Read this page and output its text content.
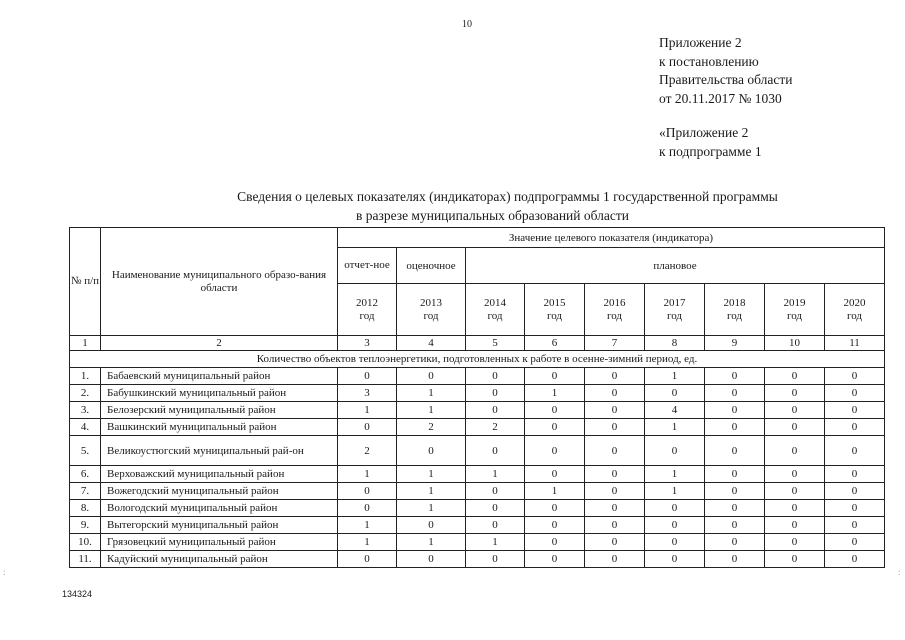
10
Приложение 2
к постановлению
Правительства области
от 20.11.2017 № 1030
«Приложение 2
к подпрограмме 1
Сведения о целевых показателях (индикаторах) подпрограммы 1 государственной программы
в разрезе муниципальных образований области
№ п/п	Наименование муниципального образо-вания области	Значение целевого показателя (индикатора)								
		отчет-ное	оценочное	плановое						
		2012 год	2013 год	2014 год	2015 год	2016 год	2017 год	2018 год	2019 год	2020 год
1	2	3	4	5	6	7	8	9	10	11
Количество объектов теплоэнергетики, подготовленных к работе в осенне-зимний период, ед.										
1.	Бабаевский муниципальный район	0	0	0	0	0	1	0	0	0
2.	Бабушкинский муниципальный район	3	1	0	1	0	0	0	0	0
3.	Белозерский муниципальный район	1	1	0	0	0	4	0	0	0
4.	Вашкинский муниципальный район	0	2	2	0	0	1	0	0	0
5.	Великоустюгский муниципальный рай-он	2	0	0	0	0	0	0	0	0
6.	Верховажский муниципальный район	1	1	1	0	0	1	0	0	0
7.	Вожегодский муниципальный район	0	1	0	1	0	1	0	0	0
8.	Вологодский муниципальный район	0	1	0	0	0	0	0	0	0
9.	Вытегорский муниципальный район	1	0	0	0	0	0	0	0	0
10.	Грязовецкий муниципальный район	1	1	1	0	0	0	0	0	0
11.	Кадуйский муниципальный район	0	0	0	0	0	0	0	0	0
134324
:	:
